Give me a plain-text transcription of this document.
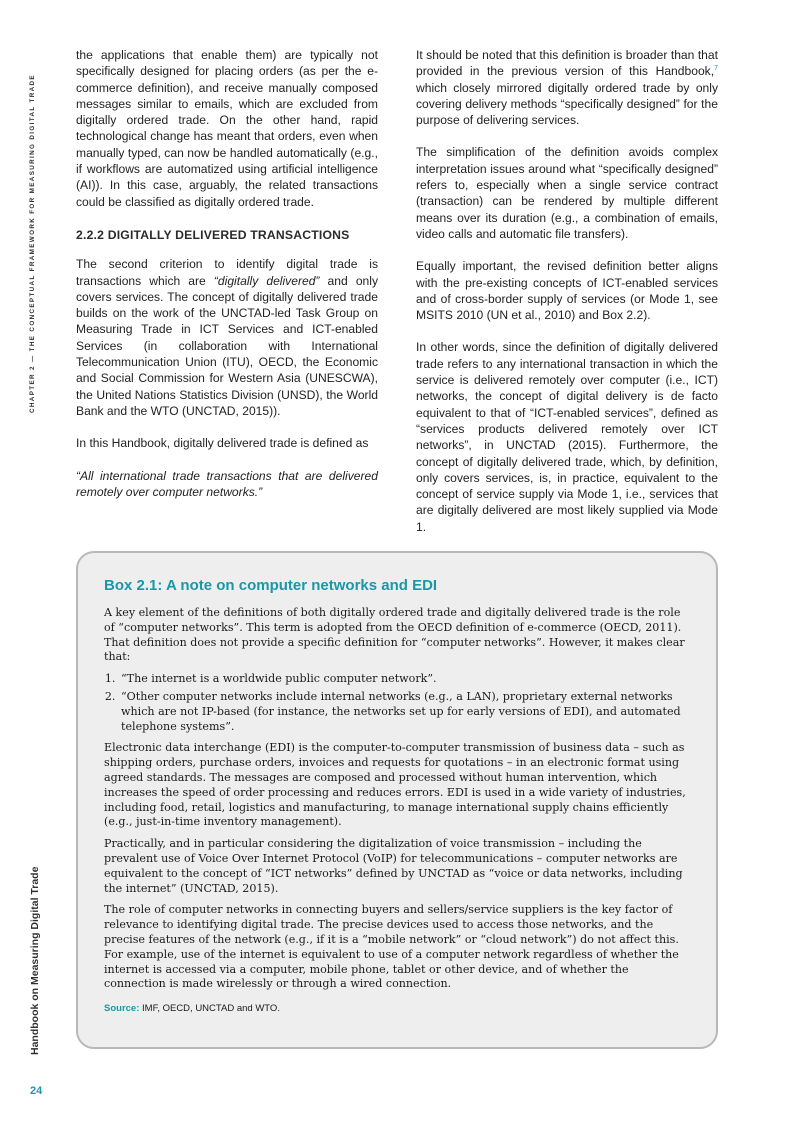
CHAPTER 2 — THE CONCEPTUAL FRAMEWORK FOR MEASURING DIGITAL TRADE
Handbook on Measuring Digital Trade
24

the applications that enable them) are typically not specifically designed for placing orders (as per the e-commerce definition), and receive manually composed messages similar to emails, which are excluded from digitally ordered trade. On the other hand, rapid technological change has meant that orders, even when manually typed, can now be handled automatically (e.g., if workflows are automatized using artificial intelligence (AI)). In this case, arguably, the related transactions could be classified as digitally ordered trade.

2.2.2 DIGITALLY DELIVERED TRANSACTIONS

The second criterion to identify digital trade is transactions which are “digitally delivered” and only covers services. The concept of digitally delivered trade builds on the work of the UNCTAD-led Task Group on Measuring Trade in ICT Services and ICT-enabled Services (in collaboration with International Telecommunication Union (ITU), OECD, the Economic and Social Commission for Western Asia (UNESCWA), the United Nations Statistics Division (UNSD), the World Bank and the WTO (UNCTAD, 2015)).

In this Handbook, digitally delivered trade is defined as

“All international trade transactions that are delivered remotely over computer networks.”

It should be noted that this definition is broader than that provided in the previous version of this Handbook,$^7$ which closely mirrored digitally ordered trade by only covering delivery methods “specifically designed” for the purpose of delivering services.

The simplification of the definition avoids complex interpretation issues around what “specifically designed” refers to, especially when a single service contract (transaction) can be rendered by multiple different means over its duration (e.g., a combination of emails, video calls and automatic file transfers).

Equally important, the revised definition better aligns with the pre-existing concepts of ICT-enabled services and of cross-border supply of services (or Mode 1, see MSITS 2010 (UN et al., 2010) and Box 2.2).

In other words, since the definition of digitally delivered trade refers to any international transaction in which the service is delivered remotely over computer (i.e., ICT) networks, the concept of digital delivery is de facto equivalent to that of “ICT-enabled services”, defined as “services products delivered remotely over ICT networks”, in UNCTAD (2015). Furthermore, the concept of digitally delivered trade, which, by definition, only covers services, is, in practice, equivalent to the concept of service supply via Mode 1, i.e., services that are digitally delivered are most likely supplied via Mode 1.

Box 2.1: A note on computer networks and EDI

A key element of the definitions of both digitally ordered trade and digitally delivered trade is the role of “computer networks”. This term is adopted from the OECD definition of e-commerce (OECD, 2011). That definition does not provide a specific definition for “computer networks”. However, it makes clear that:

1. “The internet is a worldwide public computer network”.
2. “Other computer networks include internal networks (e.g., a LAN), proprietary external networks which are not IP-based (for instance, the networks set up for early versions of EDI), and automated telephone systems”.

Electronic data interchange (EDI) is the computer-to-computer transmission of business data – such as shipping orders, purchase orders, invoices and requests for quotations – in an electronic format using agreed standards. The messages are composed and processed without human intervention, which increases the speed of order processing and reduces errors. EDI is used in a wide variety of industries, including food, retail, logistics and manufacturing, to manage international supply chains efficiently (e.g., just-in-time inventory management).

Practically, and in particular considering the digitalization of voice transmission – including the prevalent use of Voice Over Internet Protocol (VoIP) for telecommunications – computer networks are equivalent to the concept of “ICT networks” defined by UNCTAD as “voice or data networks, including the internet” (UNCTAD, 2015).

The role of computer networks in connecting buyers and sellers/service suppliers is the key factor of relevance to identifying digital trade. The precise devices used to access those networks, and the precise features of the network (e.g., if it is a “mobile network” or “cloud network”) do not affect this. For example, use of the internet is equivalent to use of a computer network regardless of whether the internet is accessed via a computer, mobile phone, tablet or other device, and of whether the connection is made wirelessly or through a wired connection.

Source: IMF, OECD, UNCTAD and WTO.
